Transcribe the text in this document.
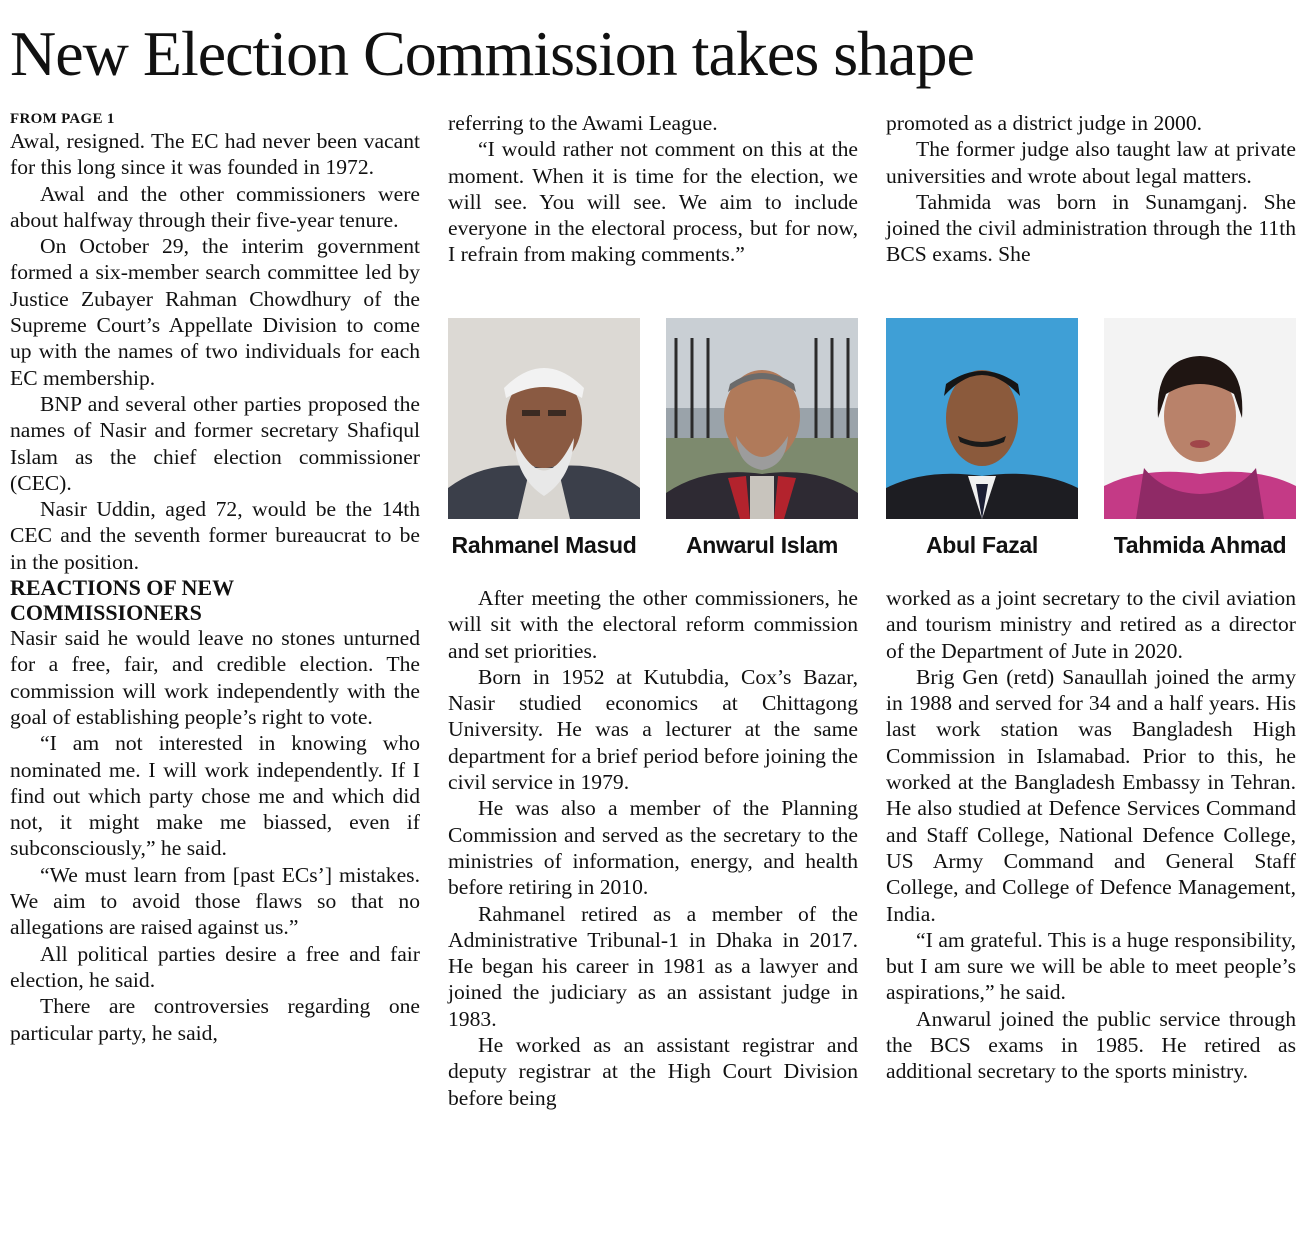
New Election Commission takes shape

FROM PAGE 1

Awal, resigned. The EC had never been vacant for this long since it was founded in 1972.

Awal and the other commissioners were about halfway through their five-year tenure.

On October 29, the interim government formed a six-member search committee led by Justice Zubayer Rahman Chowdhury of the Supreme Court’s Appellate Division to come up with the names of two individuals for each EC membership.

BNP and several other parties proposed the names of Nasir and former secretary Shafiqul Islam as the chief election commissioner (CEC).

Nasir Uddin, aged 72, would be the 14th CEC and the seventh former bureaucrat to be in the position.

REACTIONS OF NEW COMMISSIONERS

Nasir said he would leave no stones unturned for a free, fair, and credible election. The commission will work independently with the goal of establishing people’s right to vote.

“I am not interested in knowing who nominated me. I will work independently. If I find out which party chose me and which did not, it might make me biassed, even if subconsciously,” he said.

“We must learn from [past ECs’] mistakes. We aim to avoid those flaws so that no allegations are raised against us.”

All political parties desire a free and fair election, he said.

There are controversies regarding one particular party, he said,

referring to the Awami League.

“I would rather not comment on this at the moment. When it is time for the election, we will see. You will see. We aim to include everyone in the electoral process, but for now, I refrain from making comments.”

promoted as a district judge in 2000.

The former judge also taught law at private universities and wrote about legal matters.

Tahmida was born in Sunamganj. She joined the civil administration through the 11th BCS exams. She

Rahmanel Masud	Anwarul Islam	Abul Fazal	Tahmida Ahmad

After meeting the other commissioners, he will sit with the electoral reform commission and set priorities.

Born in 1952 at Kutubdia, Cox’s Bazar, Nasir studied economics at Chittagong University. He was a lecturer at the same department for a brief period before joining the civil service in 1979.

He was also a member of the Planning Commission and served as the secretary to the ministries of information, energy, and health before retiring in 2010.

Rahmanel retired as a member of the Administrative Tribunal-1 in Dhaka in 2017. He began his career in 1981 as a lawyer and joined the judiciary as an assistant judge in 1983.

He worked as an assistant registrar and deputy registrar at the High Court Division before being

worked as a joint secretary to the civil aviation and tourism ministry and retired as a director of the Department of Jute in 2020.

Brig Gen (retd) Sanaullah joined the army in 1988 and served for 34 and a half years. His last work station was Bangladesh High Commission in Islamabad. Prior to this, he worked at the Bangladesh Embassy in Tehran. He also studied at Defence Services Command and Staff College, National Defence College, US Army Command and General Staff College, and College of Defence Management, India.

“I am grateful. This is a huge responsibility, but I am sure we will be able to meet people’s aspirations,” he said.

Anwarul joined the public service through the BCS exams in 1985. He retired as additional secretary to the sports ministry.
